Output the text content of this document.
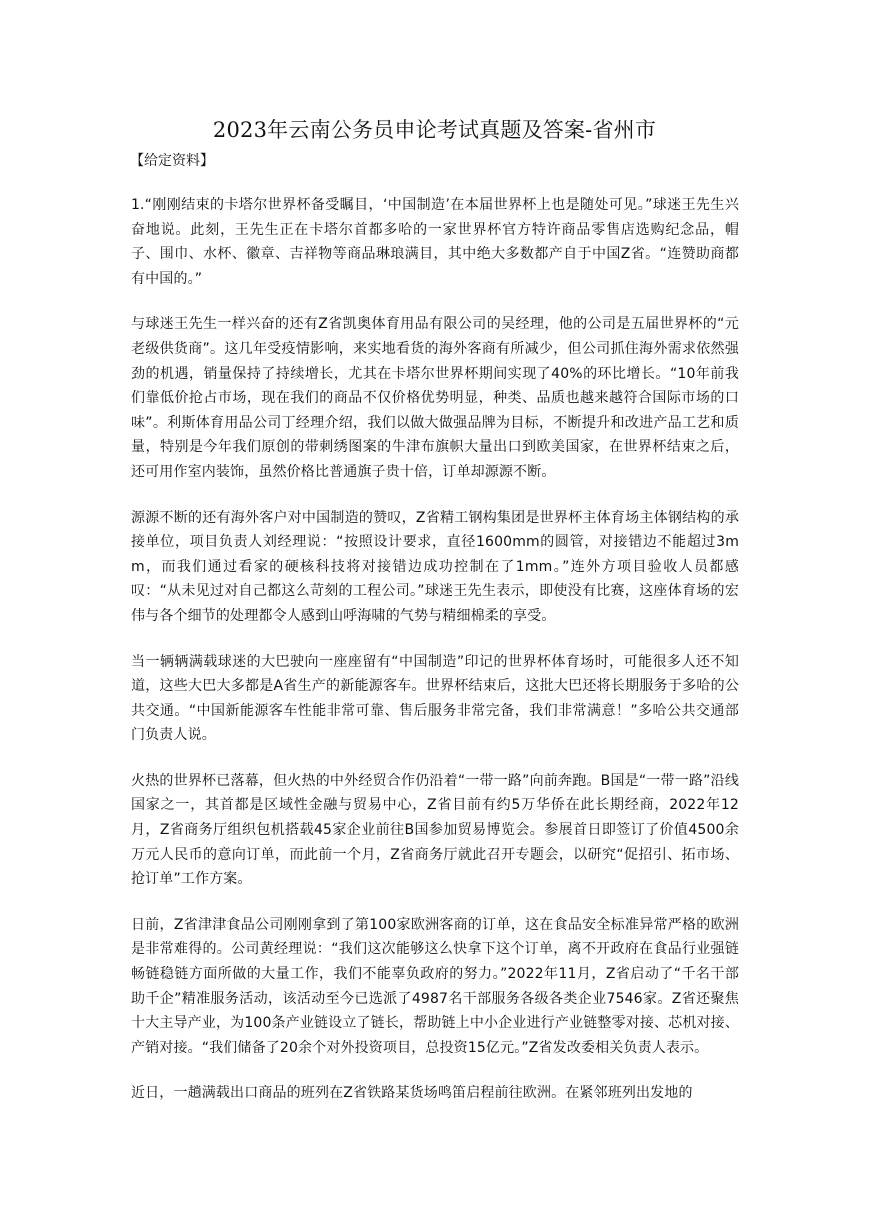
2023年云南公务员申论考试真题及答案-省州市
【给定资料】

1.“刚刚结束的卡塔尔世界杯备受瞩目，‘中国制造’在本届世界杯上也是随处可见。”球迷王先生兴奋地说。此刻，王先生正在卡塔尔首都多哈的一家世界杯官方特许商品零售店选购纪念品，帽子、围巾、水杯、徽章、吉祥物等商品琳琅满目，其中绝大多数都产自于中国Z省。“连赞助商都有中国的。”

与球迷王先生一样兴奋的还有Z省凯奥体育用品有限公司的吴经理，他的公司是五届世界杯的“元老级供货商”。这几年受疫情影响，来实地看货的海外客商有所减少，但公司抓住海外需求依然强劲的机遇，销量保持了持续增长，尤其在卡塔尔世界杯期间实现了40%的环比增长。“10年前我们靠低价抢占市场，现在我们的商品不仅价格优势明显，种类、品质也越来越符合国际市场的口味”。利斯体育用品公司丁经理介绍，我们以做大做强品牌为目标，不断提升和改进产品工艺和质量，特别是今年我们原创的带刺绣图案的牛津布旗帜大量出口到欧美国家，在世界杯结束之后，还可用作室内装饰，虽然价格比普通旗子贵十倍，订单却源源不断。

源源不断的还有海外客户对中国制造的赞叹，Z省精工钢构集团是世界杯主体育场主体钢结构的承接单位，项目负责人刘经理说：“按照设计要求，直径1600mm的圆管，对接错边不能超过3mm，而我们通过看家的硬核科技将对接错边成功控制在了1mm。”连外方项目验收人员都感叹：“从未见过对自己都这么苛刻的工程公司。”球迷王先生表示，即使没有比赛，这座体育场的宏伟与各个细节的处理都令人感到山呼海啸的气势与精细棉柔的享受。

当一辆辆满载球迷的大巴驶向一座座留有“中国制造”印记的世界杯体育场时，可能很多人还不知道，这些大巴大多都是A省生产的新能源客车。世界杯结束后，这批大巴还将长期服务于多哈的公共交通。“中国新能源客车性能非常可靠、售后服务非常完备，我们非常满意！”多哈公共交通部门负责人说。

火热的世界杯已落幕，但火热的中外经贸合作仍沿着“一带一路”向前奔跑。B国是“一带一路”沿线国家之一，其首都是区域性金融与贸易中心，Z省目前有约5万华侨在此长期经商，2022年12月，Z省商务厅组织包机搭载45家企业前往B国参加贸易博览会。参展首日即签订了价值4500余万元人民币的意向订单，而此前一个月，Z省商务厅就此召开专题会，以研究“促招引、拓市场、抢订单”工作方案。

日前，Z省津津食品公司刚刚拿到了第100家欧洲客商的订单，这在食品安全标准异常严格的欧洲是非常难得的。公司黄经理说：“我们这次能够这么快拿下这个订单，离不开政府在食品行业强链畅链稳链方面所做的大量工作，我们不能辜负政府的努力。”2022年11月，Z省启动了“千名干部助千企”精准服务活动，该活动至今已选派了4987名干部服务各级各类企业7546家。Z省还聚焦十大主导产业，为100条产业链设立了链长，帮助链上中小企业进行产业链整零对接、芯机对接、产销对接。“我们储备了20余个对外投资项目，总投资15亿元。”Z省发改委相关负责人表示。

近日，一趟满载出口商品的班列在Z省铁路某货场鸣笛启程前往欧洲。在紧邻班列出发地的
